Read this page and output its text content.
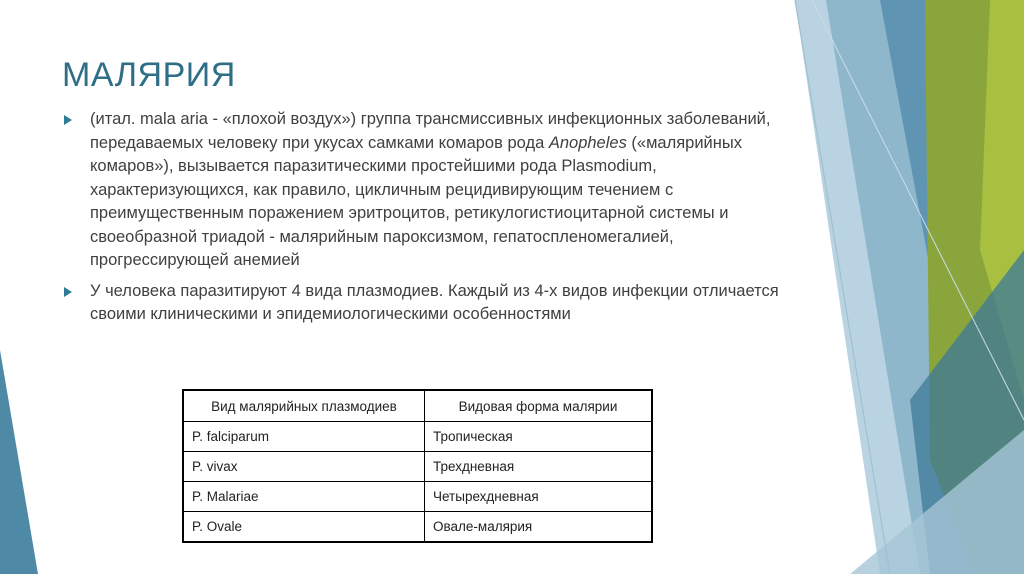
МАЛЯРИЯ
(итал. mala aria - «плохой воздух») группа трансмиссивных инфекционных заболеваний, передаваемых человеку при укусах самками комаров рода Anopheles («малярийных комаров»), вызывается паразитическими простейшими рода Plasmodium, характеризующихся, как правило, цикличным рецидивирующим течением с преимущественным поражением эритроцитов, ретикулогистиоцитарной системы и своеобразной триадой - малярийным пароксизмом, гепатоспленомегалией, прогрессирующей анемией
У человека паразитируют 4 вида плазмодиев. Каждый из 4-х видов инфекции отличается своими клиническими и эпидемиологическими особенностями
Вид малярийных плазмодиев	Видовая форма малярии
P. falciparum	Тропическая
P. vivax	Трехдневная
P. Malariae	Четырехдневная
P. Ovale	Овале-малярия
